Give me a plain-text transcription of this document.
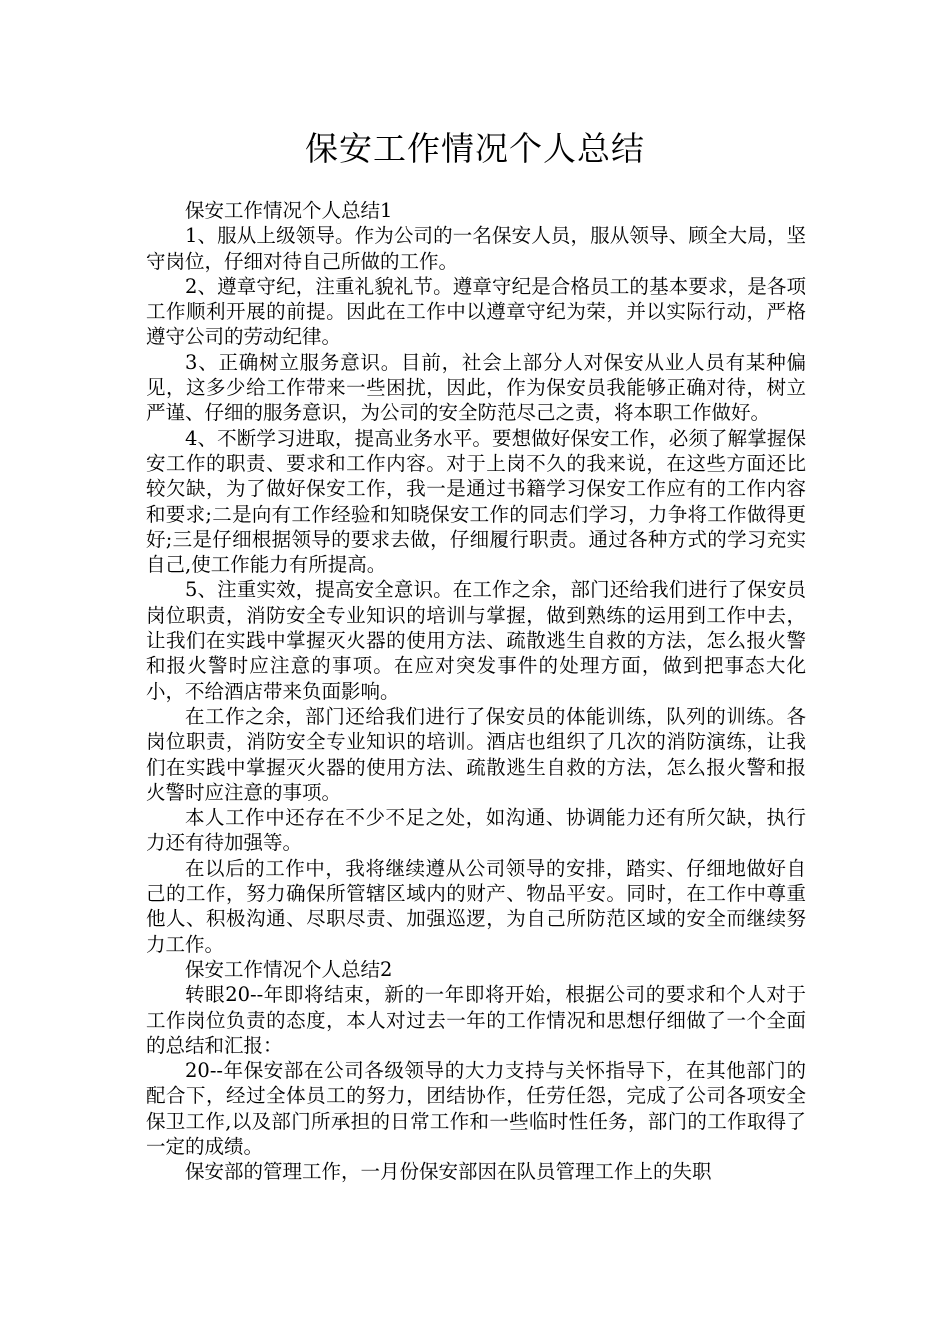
保安工作情况个人总结

保安工作情况个人总结1

1、服从上级领导。作为公司的一名保安人员，服从领导、顾全大局，坚守岗位，仔细对待自己所做的工作。

2、遵章守纪，注重礼貌礼节。遵章守纪是合格员工的基本要求，是各项工作顺利开展的前提。因此在工作中以遵章守纪为荣，并以实际行动，严格遵守公司的劳动纪律。

3、正确树立服务意识。目前，社会上部分人对保安从业人员有某种偏见，这多少给工作带来一些困扰，因此，作为保安员我能够正确对待，树立严谨、仔细的服务意识，为公司的安全防范尽己之责，将本职工作做好。

4、不断学习进取，提高业务水平。要想做好保安工作，必须了解掌握保安工作的职责、要求和工作内容。对于上岗不久的我来说，在这些方面还比较欠缺，为了做好保安工作，我一是通过书籍学习保安工作应有的工作内容和要求;二是向有工作经验和知晓保安工作的同志们学习，力争将工作做得更好;三是仔细根据领导的要求去做，仔细履行职责。通过各种方式的学习充实自己,使工作能力有所提高。

5、注重实效，提高安全意识。在工作之余，部门还给我们进行了保安员岗位职责，消防安全专业知识的培训与掌握，做到熟练的运用到工作中去，让我们在实践中掌握灭火器的使用方法、疏散逃生自救的方法，怎么报火警和报火警时应注意的事项。在应对突发事件的处理方面，做到把事态大化小，不给酒店带来负面影响。

在工作之余，部门还给我们进行了保安员的体能训练，队列的训练。各岗位职责，消防安全专业知识的培训。酒店也组织了几次的消防演练，让我们在实践中掌握灭火器的使用方法、疏散逃生自救的方法，怎么报火警和报火警时应注意的事项。

本人工作中还存在不少不足之处，如沟通、协调能力还有所欠缺，执行力还有待加强等。

在以后的工作中，我将继续遵从公司领导的安排，踏实、仔细地做好自己的工作，努力确保所管辖区域内的财产、物品平安。同时，在工作中尊重他人、积极沟通、尽职尽责、加强巡逻，为自己所防范区域的安全而继续努力工作。

保安工作情况个人总结2

转眼20--年即将结束，新的一年即将开始，根据公司的要求和个人对于工作岗位负责的态度，本人对过去一年的工作情况和思想仔细做了一个全面的总结和汇报：

20--年保安部在公司各级领导的大力支持与关怀指导下，在其他部门的配合下，经过全体员工的努力，团结协作，任劳任怨，完成了公司各项安全保卫工作,以及部门所承担的日常工作和一些临时性任务，部门的工作取得了一定的成绩。

保安部的管理工作，一月份保安部因在队员管理工作上的失职
